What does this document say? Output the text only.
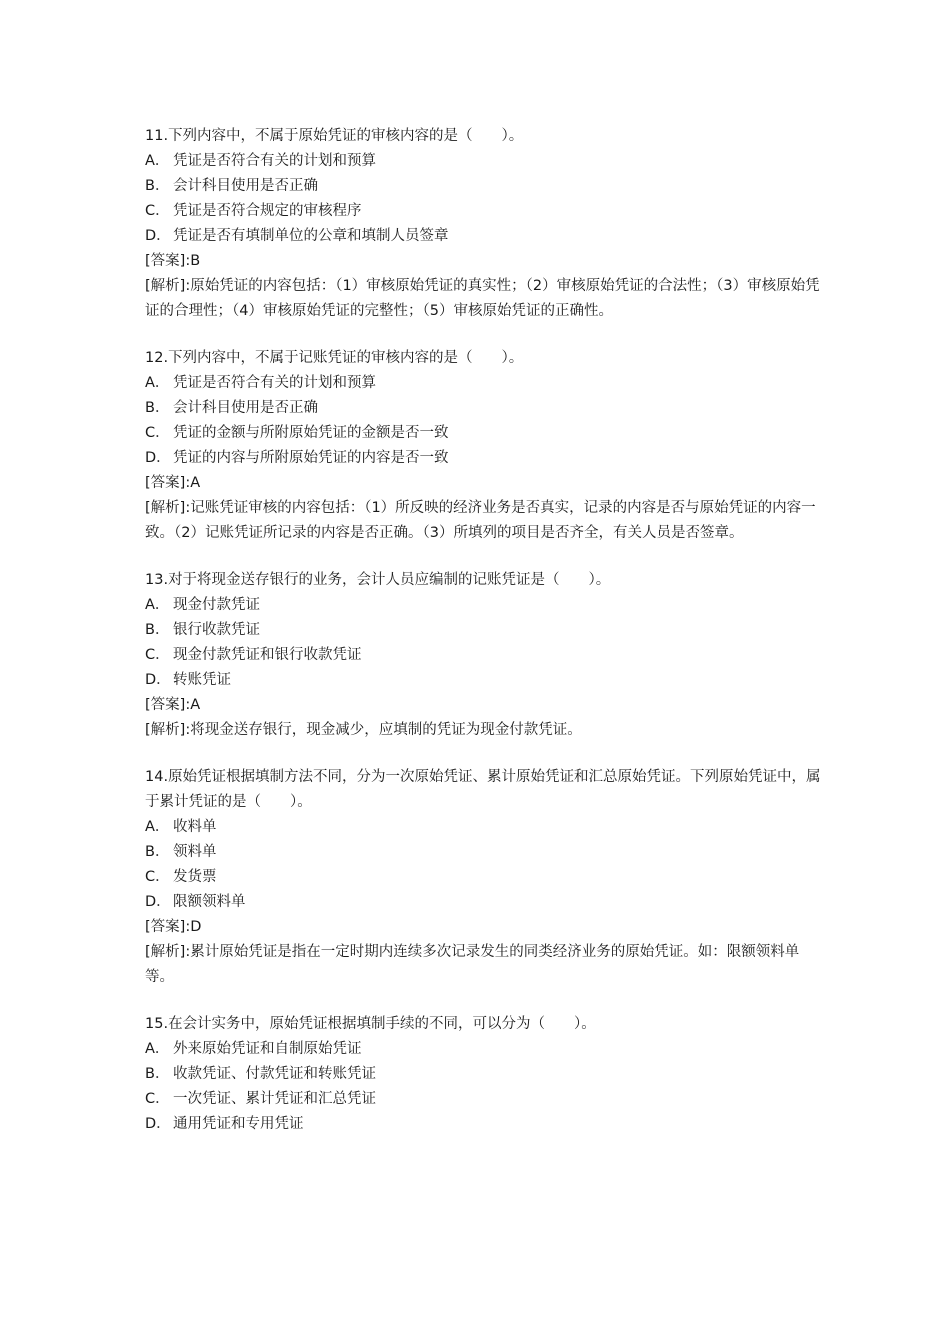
11.下列内容中，不属于原始凭证的审核内容的是（　　）。
A． 凭证是否符合有关的计划和预算
B． 会计科目使用是否正确
C． 凭证是否符合规定的审核程序
D． 凭证是否有填制单位的公章和填制人员签章
[答案]:B
[解析]:原始凭证的内容包括：（1）审核原始凭证的真实性；（2）审核原始凭证的合法性；（3）审核原始凭证的合理性；（4）审核原始凭证的完整性；（5）审核原始凭证的正确性。
12.下列内容中，不属于记账凭证的审核内容的是（　　）。
A． 凭证是否符合有关的计划和预算
B． 会计科目使用是否正确
C． 凭证的金额与所附原始凭证的金额是否一致
D． 凭证的内容与所附原始凭证的内容是否一致
[答案]:A
[解析]:记账凭证审核的内容包括：（1）所反映的经济业务是否真实，记录的内容是否与原始凭证的内容一致。（2）记账凭证所记录的内容是否正确。（3）所填列的项目是否齐全，有关人员是否签章。
13.对于将现金送存银行的业务，会计人员应编制的记账凭证是（　　）。
A． 现金付款凭证
B． 银行收款凭证
C． 现金付款凭证和银行收款凭证
D． 转账凭证
[答案]:A
[解析]:将现金送存银行，现金减少，应填制的凭证为现金付款凭证。
14.原始凭证根据填制方法不同，分为一次原始凭证、累计原始凭证和汇总原始凭证。下列原始凭证中，属于累计凭证的是（　　）。
A． 收料单
B． 领料单
C． 发货票
D． 限额领料单
[答案]:D
[解析]:累计原始凭证是指在一定时期内连续多次记录发生的同类经济业务的原始凭证。如：限额领料单等。
15.在会计实务中，原始凭证根据填制手续的不同，可以分为（　　）。
A． 外来原始凭证和自制原始凭证
B． 收款凭证、付款凭证和转账凭证
C． 一次凭证、累计凭证和汇总凭证
D． 通用凭证和专用凭证
